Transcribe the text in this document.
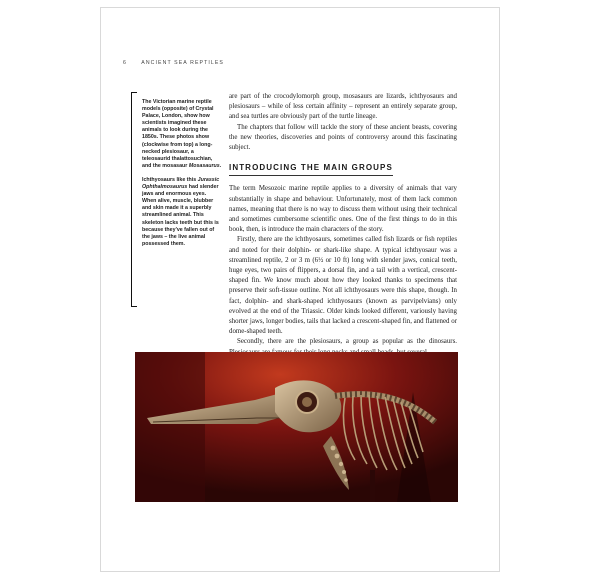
6	ANCIENT SEA REPTILES

The Victorian marine reptile models (opposite) of Crystal Palace, London, show how scientists imagined these animals to look during the 1850s. These photos show (clockwise from top) a long-necked plesiosaur, a teleosaurid thalattosuchian, and the mosasaur Mosasaurus.

Ichthyosaurs like this Jurassic Ophthalmosaurus had slender jaws and enormous eyes. When alive, muscle, blubber and skin made it a superbly streamlined animal. This skeleton lacks teeth but this is because they've fallen out of the jaws – the live animal possessed them.

are part of the crocodylomorph group, mosasaurs are lizards, ichthyosaurs and plesiosaurs – while of less certain affinity – represent an entirely separate group, and sea turtles are obviously part of the turtle lineage.

The chapters that follow will tackle the story of these ancient beasts, covering the new theories, discoveries and points of controversy around this fascinating subject.

INTRODUCING THE MAIN GROUPS

The term Mesozoic marine reptile applies to a diversity of animals that vary substantially in shape and behaviour. Unfortunately, most of them lack common names, meaning that there is no way to discuss them without using their technical and sometimes cumbersome scientific ones. One of the first things to do in this book, then, is introduce the main characters of the story.

Firstly, there are the ichthyosaurs, sometimes called fish lizards or fish reptiles and noted for their dolphin- or shark-like shape. A typical ichthyosaur was a streamlined reptile, 2 or 3 m (6½ or 10 ft) long with slender jaws, conical teeth, huge eyes, two pairs of flippers, a dorsal fin, and a tail with a vertical, crescent-shaped fin. We know much about how they looked thanks to specimens that preserve their soft-tissue outline. Not all ichthyosaurs were this shape, though. In fact, dolphin- and shark-shaped ichthyosaurs (known as parvipelvians) only evolved at the end of the Triassic. Older kinds looked different, variously having shorter jaws, longer bodies, tails that lacked a crescent-shaped fin, and flattened or dome-shaped teeth.

Secondly, there are the plesiosaurs, a group as popular as the dinosaurs.
